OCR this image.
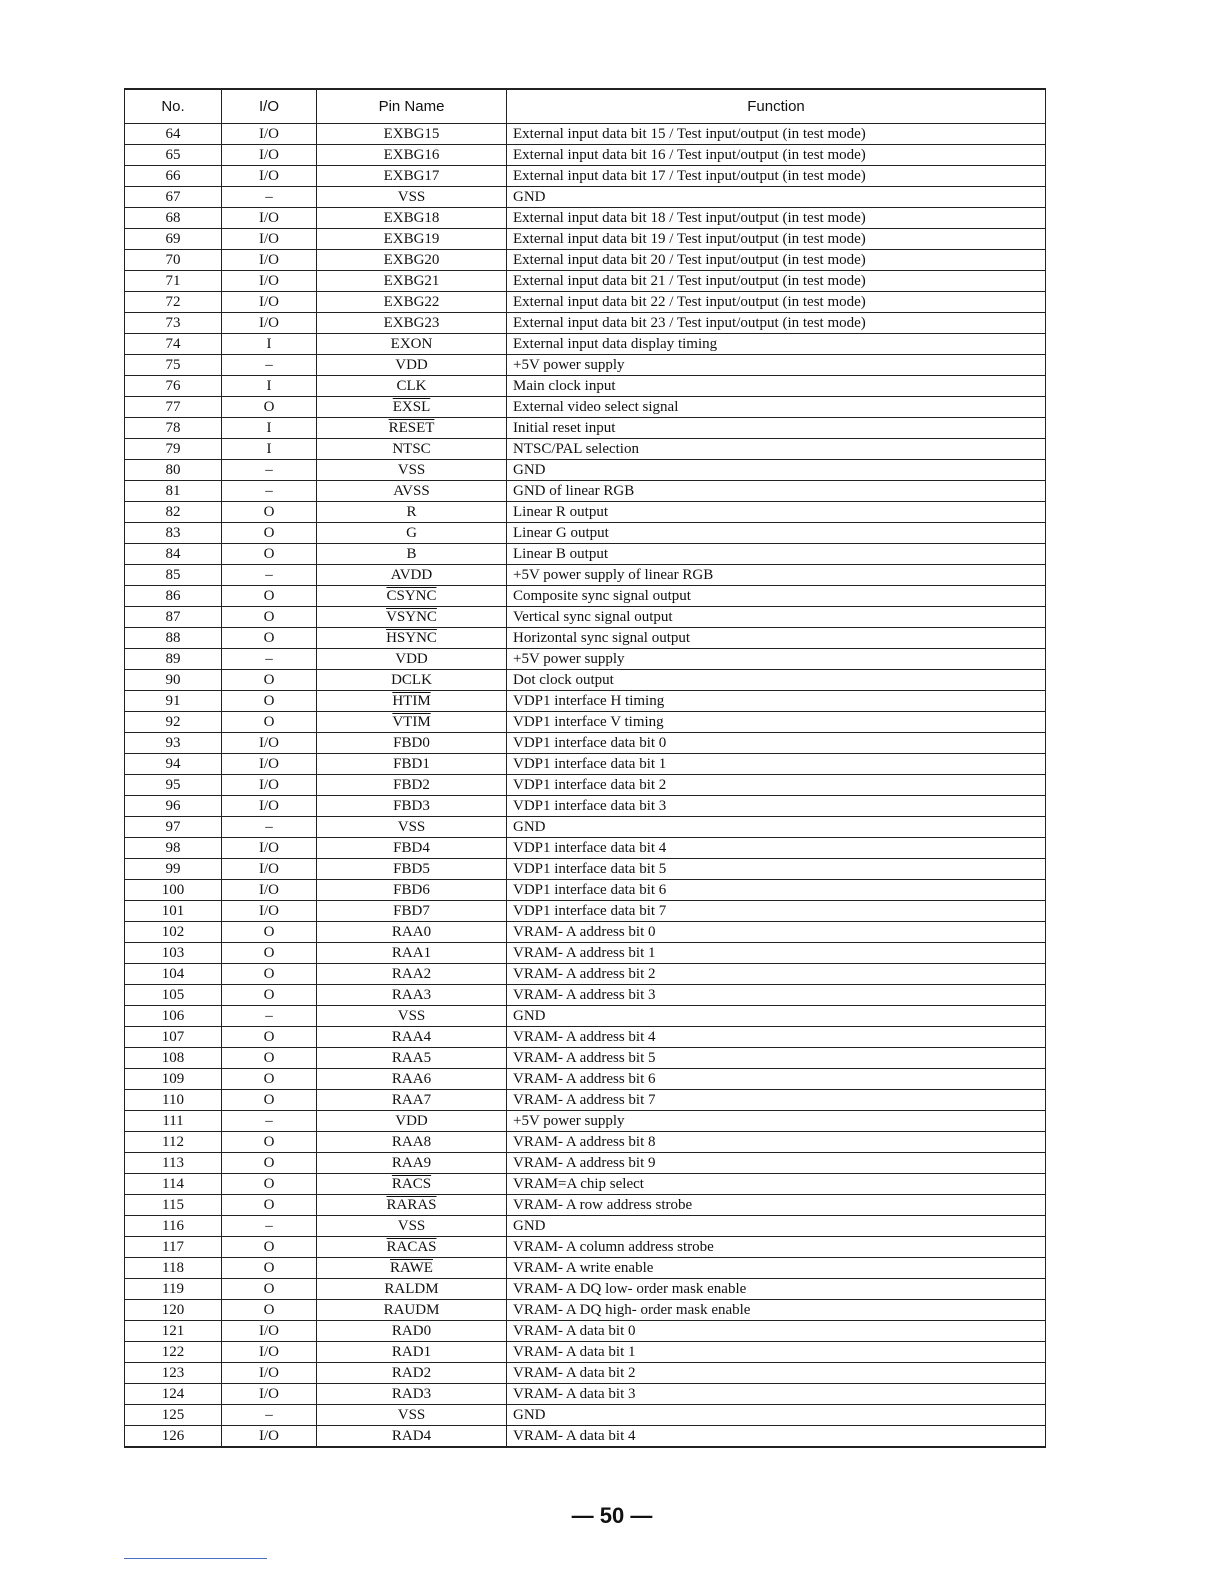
No.	I/O	Pin Name	Function
64	I/O	EXBG15	External input data bit 15 / Test input/output (in test mode)
65	I/O	EXBG16	External input data bit 16 / Test input/output (in test mode)
66	I/O	EXBG17	External input data bit 17 / Test input/output (in test mode)
67	–	VSS	GND
68	I/O	EXBG18	External input data bit 18 / Test input/output (in test mode)
69	I/O	EXBG19	External input data bit 19 / Test input/output (in test mode)
70	I/O	EXBG20	External input data bit 20 / Test input/output (in test mode)
71	I/O	EXBG21	External input data bit 21 / Test input/output (in test mode)
72	I/O	EXBG22	External input data bit 22 / Test input/output (in test mode)
73	I/O	EXBG23	External input data bit 23 / Test input/output (in test mode)
74	I	EXON	External input data display timing
75	–	VDD	+5V power supply
76	I	CLK	Main clock input
77	O	EXSL	External video select signal
78	I	RESET	Initial reset input
79	I	NTSC	NTSC/PAL selection
80	–	VSS	GND
81	–	AVSS	GND of linear RGB
82	O	R	Linear R output
83	O	G	Linear G output
84	O	B	Linear B output
85	–	AVDD	+5V power supply of linear RGB
86	O	CSYNC	Composite sync signal output
87	O	VSYNC	Vertical sync signal output
88	O	HSYNC	Horizontal sync signal output
89	–	VDD	+5V power supply
90	O	DCLK	Dot clock output
91	O	HTIM	VDP1 interface H timing
92	O	VTIM	VDP1 interface V timing
93	I/O	FBD0	VDP1 interface data bit 0
94	I/O	FBD1	VDP1 interface data bit 1
95	I/O	FBD2	VDP1 interface data bit 2
96	I/O	FBD3	VDP1 interface data bit 3
97	–	VSS	GND
98	I/O	FBD4	VDP1 interface data bit 4
99	I/O	FBD5	VDP1 interface data bit 5
100	I/O	FBD6	VDP1 interface data bit 6
101	I/O	FBD7	VDP1 interface data bit 7
102	O	RAA0	VRAM- A address bit 0
103	O	RAA1	VRAM- A address bit 1
104	O	RAA2	VRAM- A address bit 2
105	O	RAA3	VRAM- A address bit 3
106	–	VSS	GND
107	O	RAA4	VRAM- A address bit 4
108	O	RAA5	VRAM- A address bit 5
109	O	RAA6	VRAM- A address bit 6
110	O	RAA7	VRAM- A address bit 7
111	–	VDD	+5V power supply
112	O	RAA8	VRAM- A address bit 8
113	O	RAA9	VRAM- A address bit 9
114	O	RACS	VRAM=A chip select
115	O	RARAS	VRAM- A row address strobe
116	–	VSS	GND
117	O	RACAS	VRAM- A column address strobe
118	O	RAWE	VRAM- A write enable
119	O	RALDM	VRAM- A DQ low- order mask enable
120	O	RAUDM	VRAM- A DQ high- order mask enable
121	I/O	RAD0	VRAM- A data bit 0
122	I/O	RAD1	VRAM- A data bit 1
123	I/O	RAD2	VRAM- A data bit 2
124	I/O	RAD3	VRAM- A data bit 3
125	–	VSS	GND
126	I/O	RAD4	VRAM- A data bit 4
— 50 —
